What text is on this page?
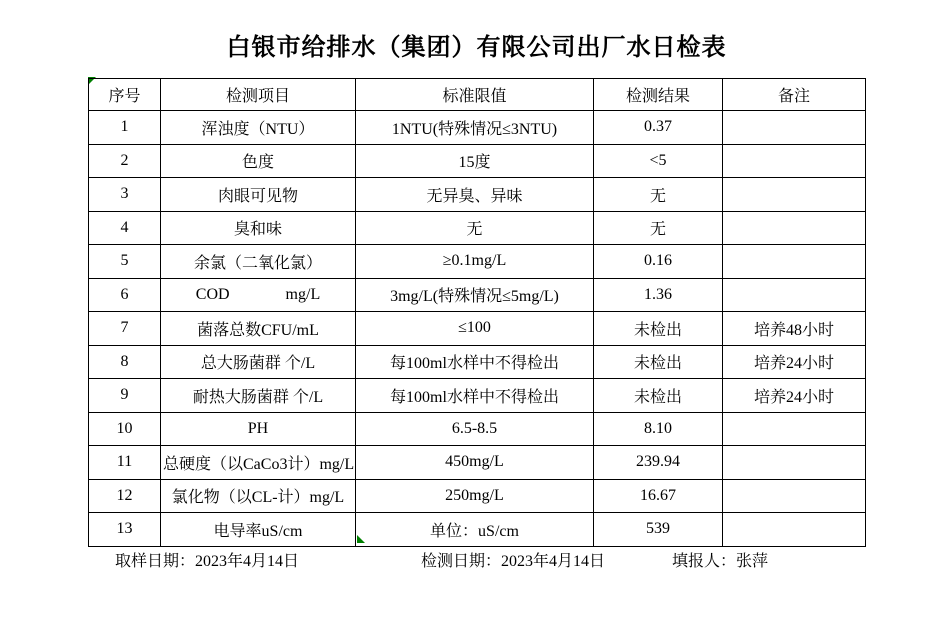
白银市给排水（集团）有限公司出厂水日检表
序号	检测项目	标准限值	检测结果	备注
1	浑浊度（NTU）	1NTU(特殊情况≤3NTU)	0.37	
2	色度	15度	<5	
3	肉眼可见物	无异臭、异味	无	
4	臭和味	无	无	
5	余氯（二氧化氯）	≥0.1mg/L	0.16	
6	COD              mg/L	3mg/L(特殊情况≤5mg/L)	1.36	
7	菌落总数CFU/mL	≤100	未检出	培养48小时
8	总大肠菌群 个/L	每100ml水样中不得检出	未检出	培养24小时
9	耐热大肠菌群 个/L	每100ml水样中不得检出	未检出	培养24小时
10	PH	6.5-8.5	8.10	
11	总硬度（以CaCo3计）mg/L	450mg/L	239.94	
12	氯化物（以CL-计）mg/L	250mg/L	16.67	
13	电导率uS/cm	单位：uS/cm	539	
取样日期：2023年4月14日	检测日期：2023年4月14日	填报人：张萍
